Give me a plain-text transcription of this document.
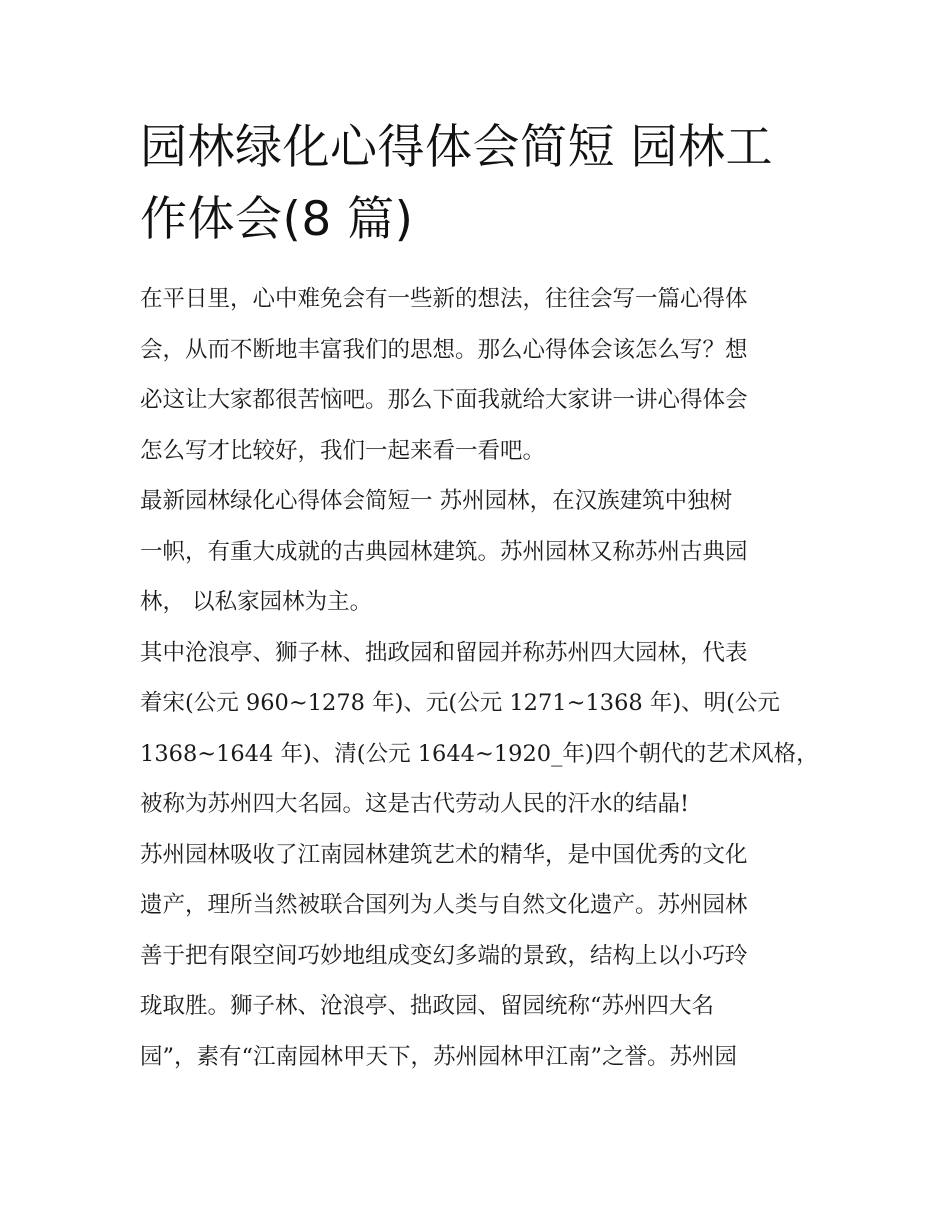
园林绿化心得体会简短 园林工
作体会(8 篇)

在平日里，心中难免会有一些新的想法，往往会写一篇心得体
会，从而不断地丰富我们的思想。那么心得体会该怎么写？想
必这让大家都很苦恼吧。那么下面我就给大家讲一讲心得体会
怎么写才比较好，我们一起来看一看吧。

最新园林绿化心得体会简短一 苏州园林，在汉族建筑中独树
一帜，有重大成就的古典园林建筑。苏州园林又称苏州古典园
林， 以私家园林为主。

其中沧浪亭、狮子林、拙政园和留园并称苏州四大园林，代表
着宋(公元 960~1278 年)、元(公元 1271~1368 年)、明(公元
1368~1644 年)、清(公元 1644~1920_年)四个朝代的艺术风格，
被称为苏州四大名园。这是古代劳动人民的汗水的结晶!

苏州园林吸收了江南园林建筑艺术的精华，是中国优秀的文化
遗产，理所当然被联合国列为人类与自然文化遗产。苏州园林
善于把有限空间巧妙地组成变幻多端的景致，结构上以小巧玲
珑取胜。狮子林、沧浪亭、拙政园、留园统称“苏州四大名
园”，素有“江南园林甲天下，苏州园林甲江南”之誉。苏州园
